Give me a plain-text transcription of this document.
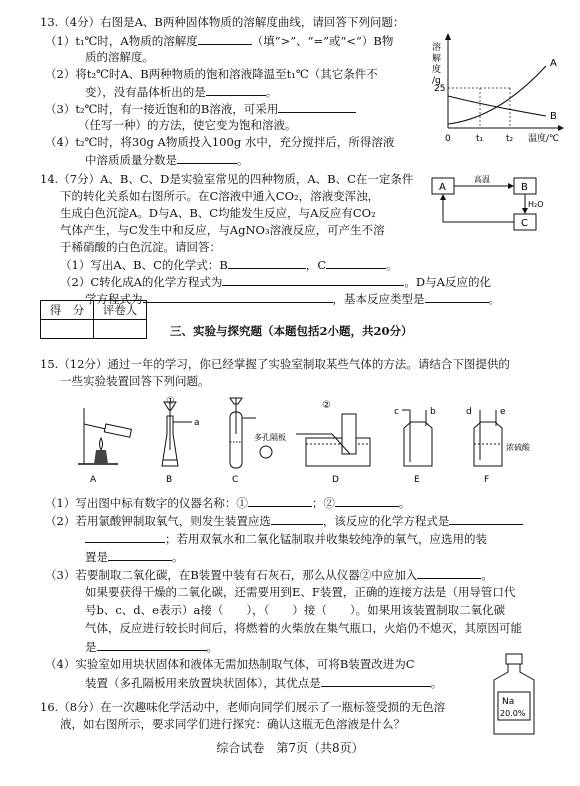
13.（4分）右图是A、B两种固体物质的溶解度曲线，请回答下列问题：
（1）t₁℃时，A物质的溶解度	（填“>”、“=”或“<”）B物
质的溶解度。
（2）将t₂℃时A、B两种物质的饱和溶液降温至t₁℃（其它条件不
变），没有晶体析出的是	。
（3）t₂℃时，有一接近饱和的B溶液，可采用
（任写一种）的方法，使它变为饱和溶液。
（4）t₂℃时，将30g A物质投入100g 水中，充分搅拌后，所得溶液
中溶质质量分数是	。
溶
解
度
/g
25
A
B
0	t₁	t₂ 温度/℃
14.（7分）A、B、C、D是实验室常见的四种物质，A、B、C在一定条件
下的转化关系如右图所示。在C溶液中通入CO₂，溶液变浑浊，
生成白色沉淀A。D与A、B、C均能发生反应，与A反应有CO₂
气体产生，与C发生中和反应，与AgNO₃溶液反应，可产生不溶
于稀硝酸的白色沉淀。请回答：
（1）写出A、B、C的化学式：B	，C	。
（2）C转化成A的化学方程式为	。D与A反应的化
学方程式为	，基本反应类型是	。
A	B
C
高温
H₂O
得　分	评卷人

三、实验与探究题（本题包括2小题，共20分）
15.（12分）通过一年的学习，你已经掌握了实验室制取某些气体的方法。请结合下图提供的
一些实验装置回答下列问题。
A
①
a
B
多孔隔板
C
②
D
c	b
E
d	e
浓硫酸
F
（1）写出图中标有数字的仪器名称：①	；②	。
（2）若用氯酸钾制取氧气，则发生装置应选	，该反应的化学方程式是
；若用双氧水和二氧化锰制取并收集较纯净的氧气，应选用的装
置是	。
（3）若要制取二氧化碳，在B装置中装有石灰石，那么从仪器②中应加入	。
如果要获得干燥的二氧化碳，还需要用到E、F装置，正确的连接方法是（用导管口代
号b、c、d、e表示）a接（　　），（　　）接（　　）。如果用该装置制取二氧化碳
气体，反应进行较长时间后，将燃着的火柴放在集气瓶口，火焰仍不熄灭，其原因可能
是	。
（4）实验室如用块状固体和液体无需加热制取气体，可将B装置改进为C
装置（多孔隔板用来放置块状固体），其优点是	。
16.（8分）在一次趣味化学活动中，老师向同学们展示了一瓶标签受损的无色溶
液，如右图所示，要求同学们进行探究：确认这瓶无色溶液是什么？
Na
20.0%
综合试卷　第7页（共8页）
